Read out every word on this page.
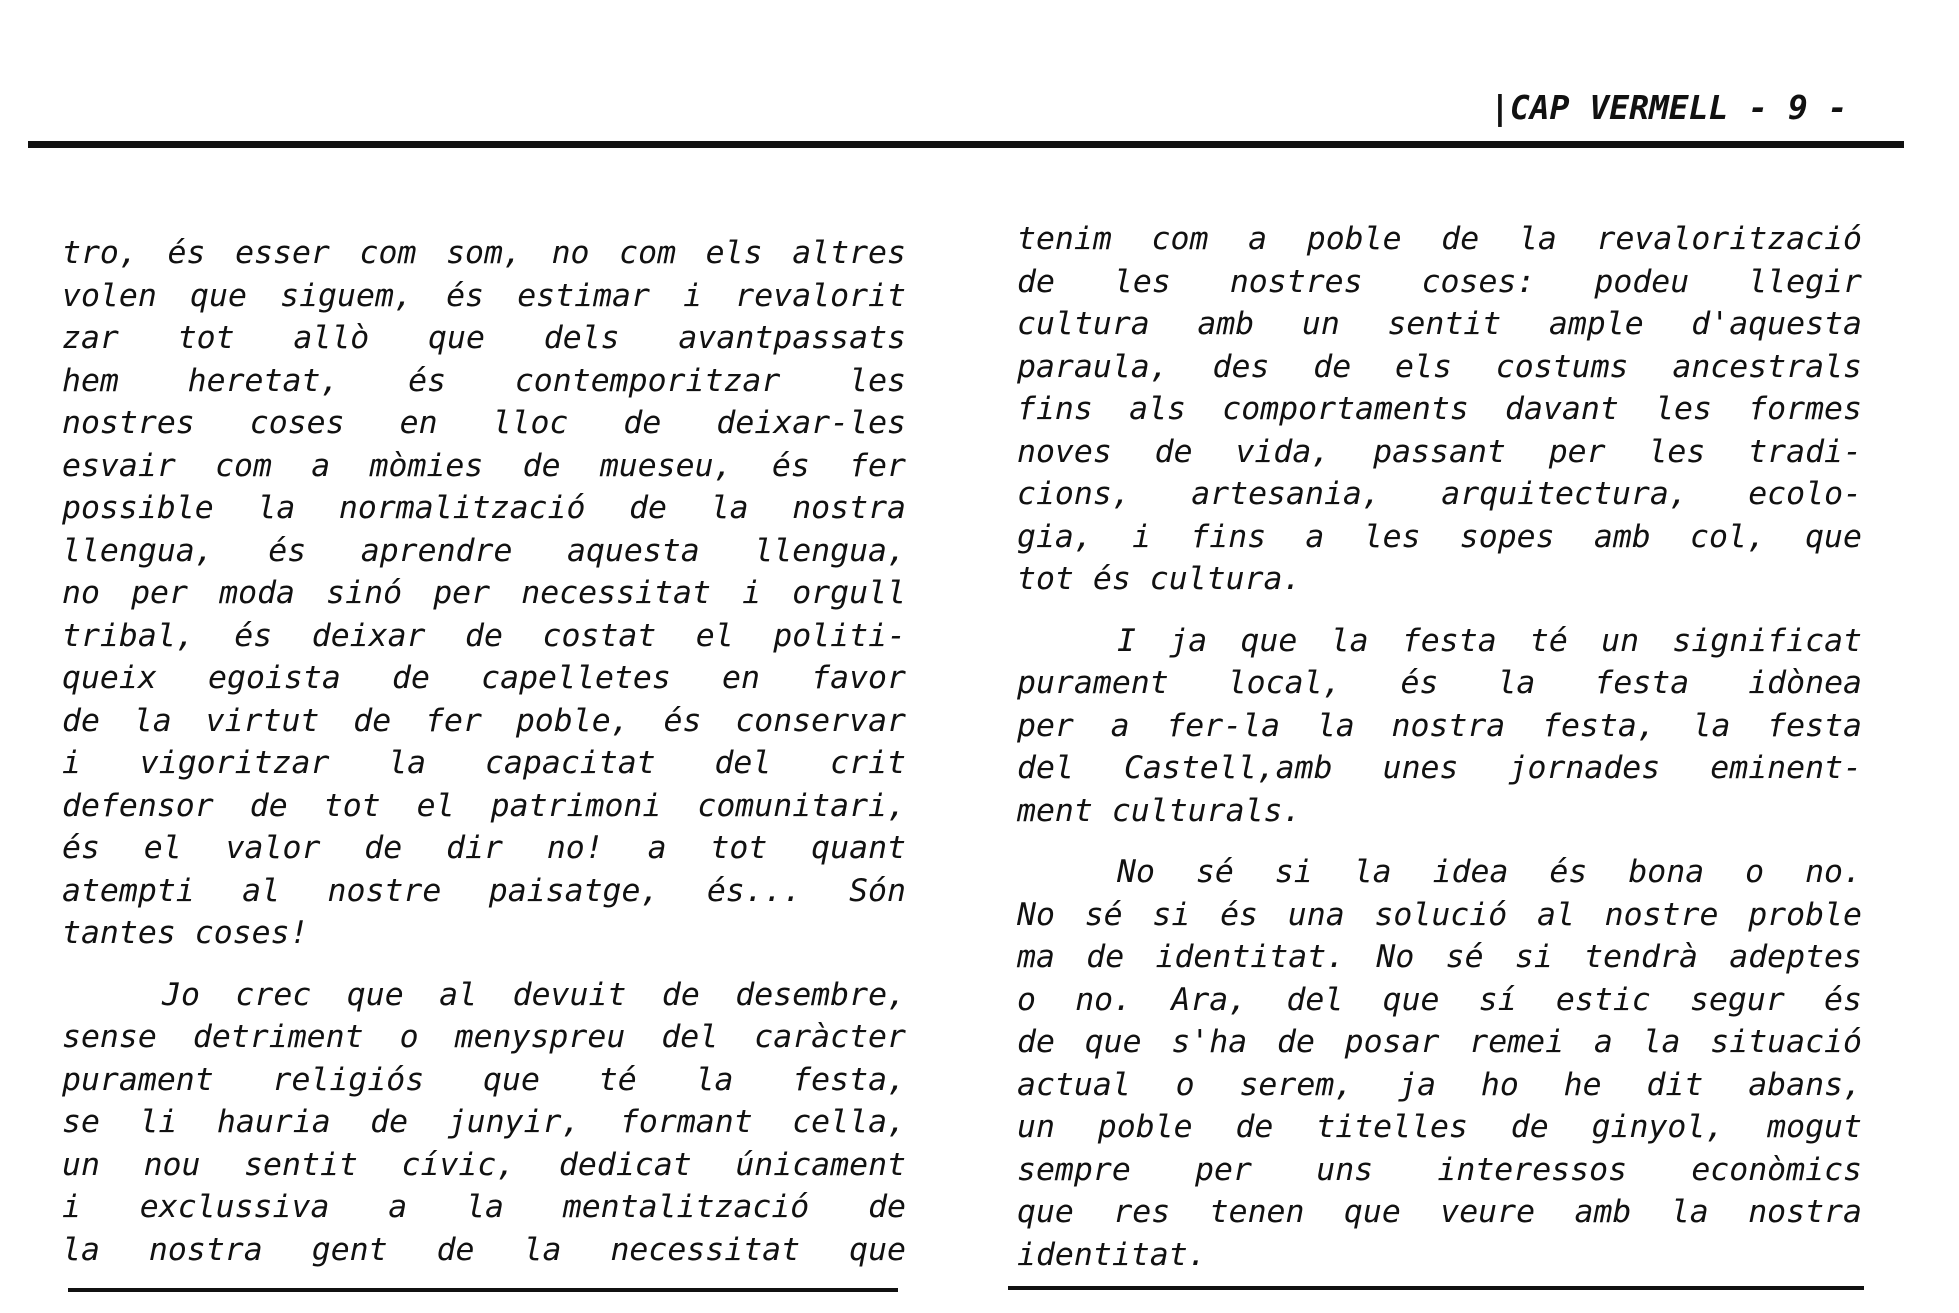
|CAP VERMELL - 9 -
tro, és esser com som, no com els altres
volen que siguem, és estimar i revalorit
zar tot allò que dels avantpassats
hem heretat, és contemporitzar les
nostres coses en lloc de deixar-les
esvair com a mòmies de mueseu, és fer
possible la normalització de la nostra
llengua, és aprendre aquesta llengua,
no per moda sinó per necessitat i orgull
tribal, és deixar de costat el politi-
queix egoista de capelletes en favor
de la virtut de fer poble, és conservar
i vigoritzar la capacitat del crit
defensor de tot el patrimoni comunitari,
és el valor de dir no! a tot quant
atempti al nostre paisatge, és... Són
tantes coses!
Jo crec que al devuit de desembre,
sense detriment o menyspreu del caràcter
purament religiós que té la festa,
se li hauria de junyir, formant cella,
un nou sentit cívic, dedicat únicament
i exclussiva a la mentalització de
la nostra gent de la necessitat que
tenim com a poble de la revalorització
de les nostres coses: podeu llegir
cultura amb un sentit ample d'aquesta
paraula, des de els costums ancestrals
fins als comportaments davant les formes
noves de vida, passant per les tradi-
cions, artesania, arquitectura, ecolo-
gia, i fins a les sopes amb col, que
tot és cultura.
I ja que la festa té un significat
purament local, és la festa idònea
per a fer-la la nostra festa, la festa
del Castell,amb unes jornades eminent-
ment culturals.
No sé si la idea és bona o no.
No sé si és una solució al nostre proble
ma de identitat. No sé si tendrà adeptes
o no. Ara, del que sí estic segur és
de que s'ha de posar remei a la situació
actual o serem, ja ho he dit abans,
un poble de titelles de ginyol, mogut
sempre per uns interessos econòmics
que res tenen que veure amb la nostra
identitat.
